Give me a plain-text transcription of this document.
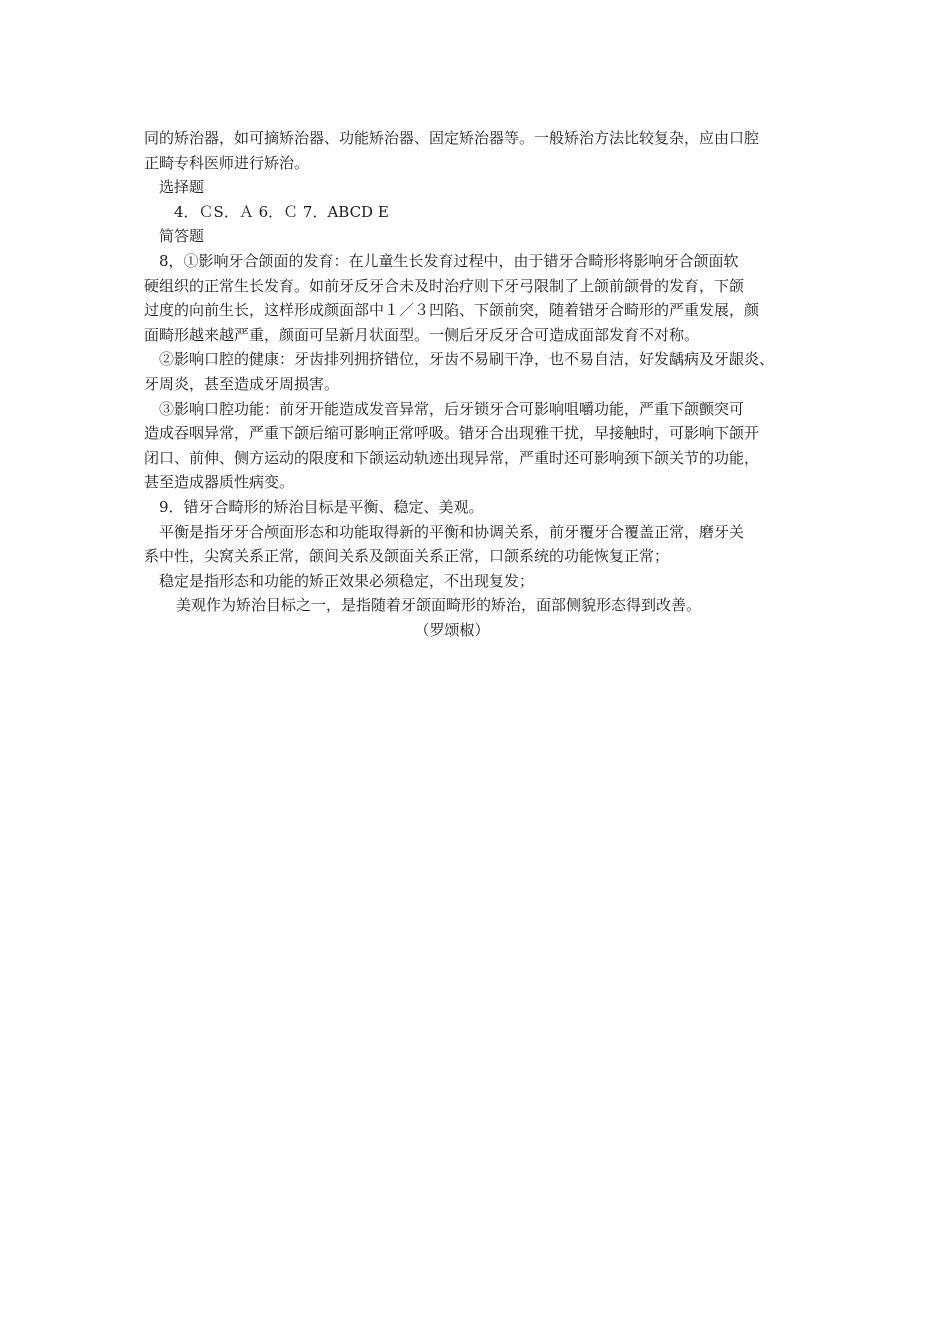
同的矫治器，如可摘矫治器、功能矫治器、固定矫治器等。一般矫治方法比较复杂，应由口腔

正畸专科医师进行矫治。

选择题

4．ＣS．Ａ 6．Ｃ 7．ABCD E

简答题

8，①影响牙合颌面的发育：在儿童生长发育过程中，由于错牙合畸形将影响牙合颌面软

硬组织的正常生长发育。如前牙反牙合未及时治疗则下牙弓限制了上颌前颌骨的发育，下颌

过度的向前生长，这样形成颜面部中１／３凹陷、下颌前突，随着错牙合畸形的严重发展，颜

面畸形越来越严重，颜面可呈新月状面型。一侧后牙反牙合可造成面部发育不对称。

②影响口腔的健康：牙齿排列拥挤错位，牙齿不易刷干净，也不易自洁，好发龋病及牙龈炎、

牙周炎，甚至造成牙周损害。

③影响口腔功能：前牙开能造成发音异常，后牙锁牙合可影响咀嚼功能，严重下颌颤突可

造成吞咽异常，严重下颌后缩可影响正常呼吸。错牙合出现雅干扰，早接触时，可影响下颌开

闭口、前伸、侧方运动的限度和下颌运动轨迹出现异常，严重时还可影响颈下颌关节的功能，

甚至造成器质性病变。

9．错牙合畸形的矫治目标是平衡、稳定、美观。

平衡是指牙牙合颅面形态和功能取得新的平衡和协调关系，前牙覆牙合覆盖正常，磨牙关

系中性，尖窝关系正常，颌间关系及颌面关系正常，口颌系统的功能恢复正常；

稳定是指形态和功能的矫正效果必须稳定，不出现复发；

美观作为矫治目标之一，是指随着牙颌面畸形的矫治，面部侧貌形态得到改善。

（罗颂椒）
